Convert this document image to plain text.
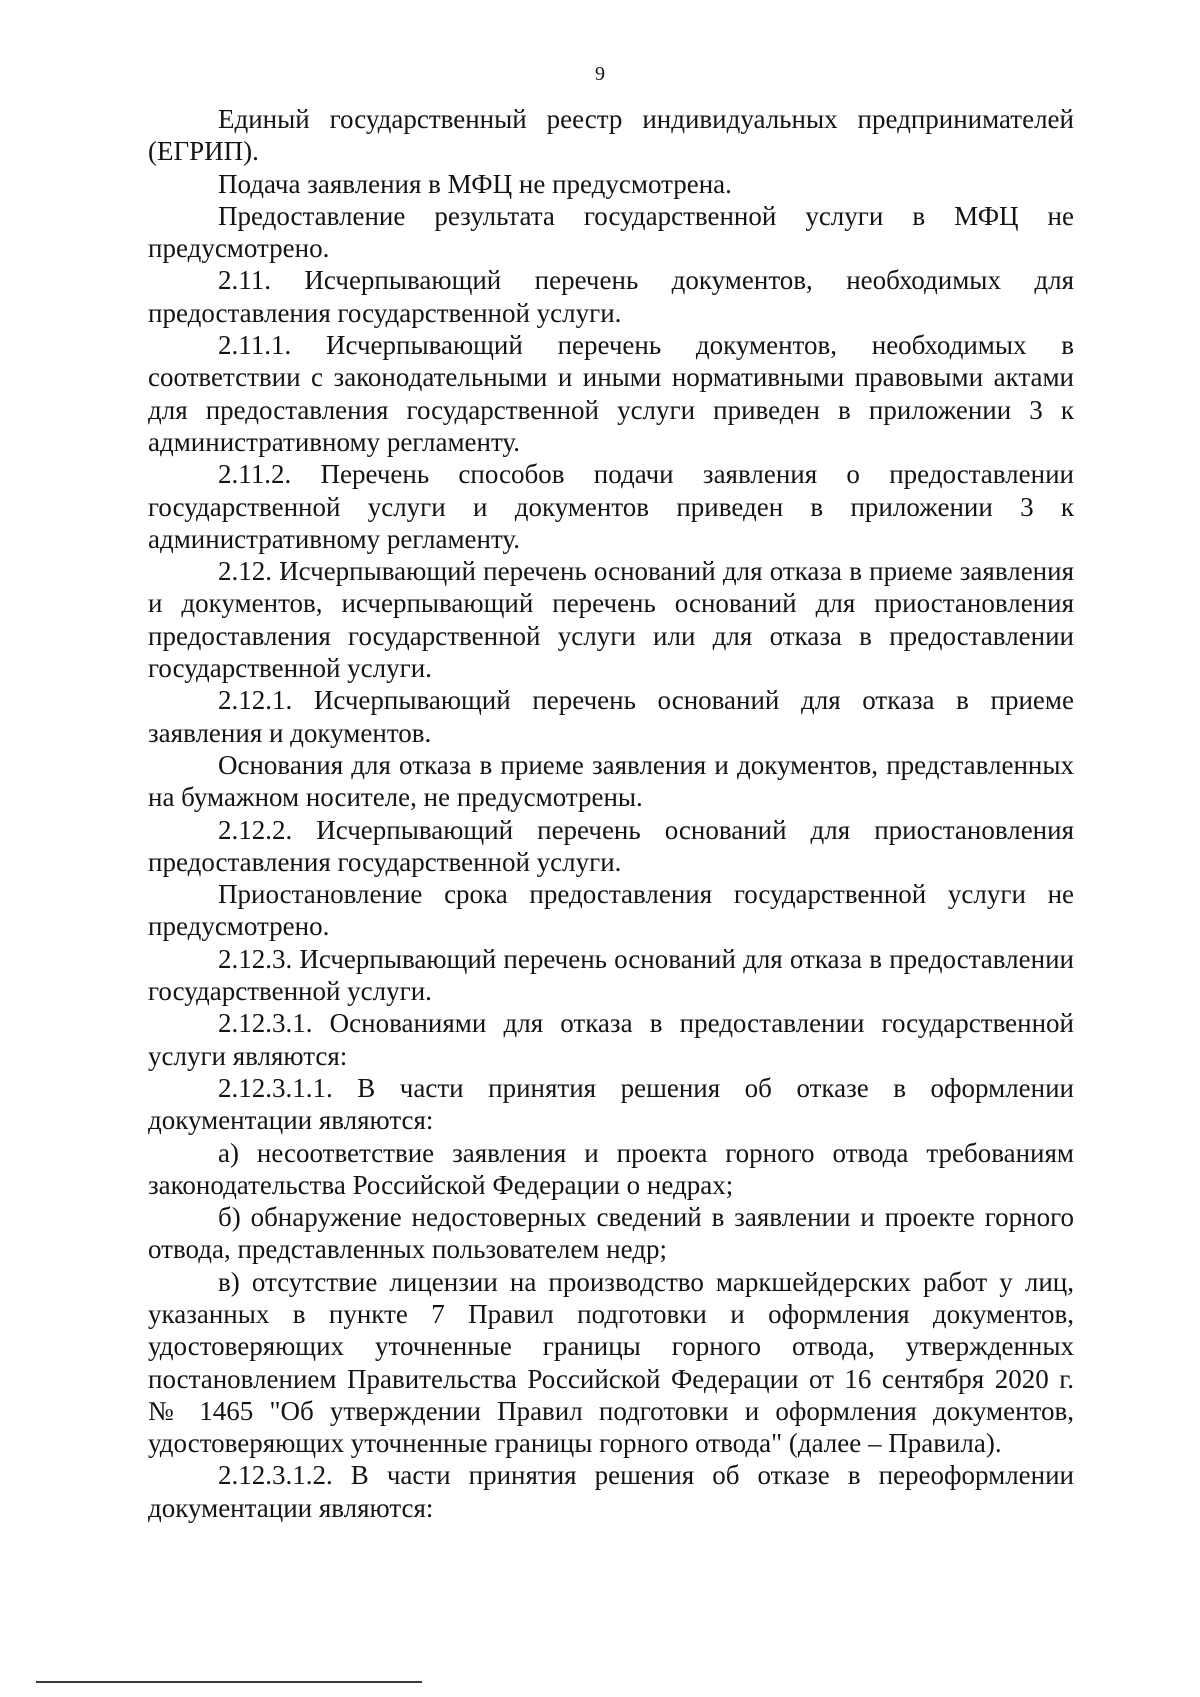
9

Единый государственный реестр индивидуальных предпринимателей (ЕГРИП).

Подача заявления в МФЦ не предусмотрена.

Предоставление результата государственной услуги в МФЦ не предусмотрено.

2.11. Исчерпывающий перечень документов, необходимых для предоставления государственной услуги.

2.11.1. Исчерпывающий перечень документов, необходимых в соответствии с законодательными и иными нормативными правовыми актами для предоставления государственной услуги приведен в приложении 3 к административному регламенту.

2.11.2. Перечень способов подачи заявления о предоставлении государственной услуги и документов приведен в приложении 3 к административному регламенту.

2.12. Исчерпывающий перечень оснований для отказа в приеме заявления и документов, исчерпывающий перечень оснований для приостановления предоставления государственной услуги или для отказа в предоставлении государственной услуги.

2.12.1. Исчерпывающий перечень оснований для отказа в приеме заявления и документов.

Основания для отказа в приеме заявления и документов, представленных на бумажном носителе, не предусмотрены.

2.12.2. Исчерпывающий перечень оснований для приостановления предоставления государственной услуги.

Приостановление срока предоставления государственной услуги не предусмотрено.

2.12.3. Исчерпывающий перечень оснований для отказа в предоставлении государственной услуги.

2.12.3.1. Основаниями для отказа в предоставлении государственной услуги являются:

2.12.3.1.1. В части принятия решения об отказе в оформлении документации являются:

а) несоответствие заявления и проекта горного отвода требованиям законодательства Российской Федерации о недрах;

б) обнаружение недостоверных сведений в заявлении и проекте горного отвода, представленных пользователем недр;

в) отсутствие лицензии на производство маркшейдерских работ у лиц, указанных в пункте 7 Правил подготовки и оформления документов, удостоверяющих уточненные границы горного отвода, утвержденных постановлением Правительства Российской Федерации от 16 сентября 2020 г. № 1465 "Об утверждении Правил подготовки и оформления документов, удостоверяющих уточненные границы горного отвода" (далее – Правила).

2.12.3.1.2. В части принятия решения об отказе в переоформлении документации являются:
